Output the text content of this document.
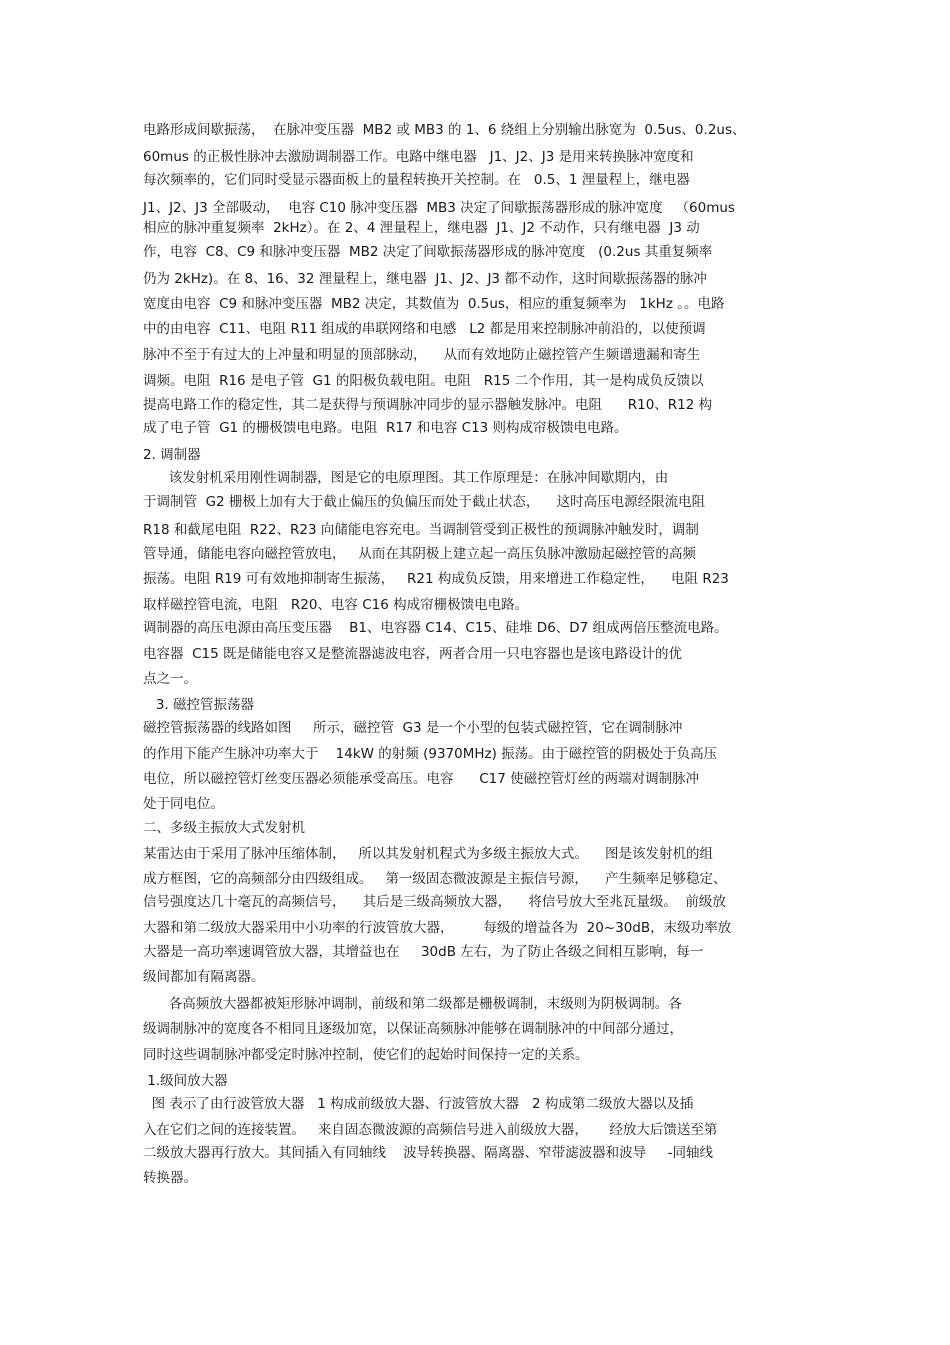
电路形成间歇振荡，  在脉冲变压器  MB2 或 MB3 的 1、6 绕组上分别输出脉宽为  0.5us、0.2us、
60mus 的正极性脉冲去激励调制器工作。电路中继电器   J1、J2、J3 是用来转换脉冲宽度和
每次频率的，它们同时受显示器面板上的量程转换开关控制。在   0.5、1 浬量程上，继电器
J1、J2、J3 全部吸动，  电容 C10 脉冲变压器  MB3 决定了间歇振荡器形成的脉冲宽度   （60mus
相应的脉冲重复频率  2kHz）。在 2、4 浬量程上，继电器  J1、J2 不动作，只有继电器  J3 动
作，电容  C8、C9 和脉冲变压器  MB2 决定了间歇振荡器形成的脉冲宽度   (0.2us 其重复频率
仍为 2kHz)。在 8、16、32 浬量程上，继电器  J1、J2、J3 都不动作，这时间歇振荡器的脉冲
宽度由电容  C9 和脉冲变压器  MB2 决定，其数值为  0.5us，相应的重复频率为   1kHz 。。电路
中的由电容  C11、电阻 R11 组成的串联网络和电感   L2 都是用来控制脉冲前沿的，以使预调
脉冲不至于有过大的上冲量和明显的顶部脉动，    从而有效地防止磁控管产生频谱遗漏和寄生
调频。电阻  R16 是电子管  G1 的阳极负载电阻。电阻   R15 二个作用，其一是构成负反馈以
提高电路工作的稳定性，其二是获得与预调脉冲同步的显示器触发脉冲。电阻      R10、R12 构
成了电子管  G1 的栅极馈电电路。电阻  R17 和电容 C13 则构成帘极馈电电路。
2. 调制器
该发射机采用刚性调制器，图是它的电原理图。其工作原理是：在脉冲间歇期内，由
于调制管  G2 栅极上加有大于截止偏压的负偏压而处于截止状态，    这时高压电源经限流电阻
R18 和截尾电阻  R22、R23 向储能电容充电。当调制管受到正极性的预调脉冲触发时，调制
管导通，储能电容向磁控管放电，   从而在其阴极上建立起一高压负脉冲激励起磁控管的高频
振荡。电阻 R19 可有效地抑制寄生振荡，   R21 构成负反馈，用来增进工作稳定性，    电阻 R23
取样磁控管电流，电阻   R20、电容 C16 构成帘栅极馈电电路。
调制器的高压电源由高压变压器    B1、电容器 C14、C15、硅堆 D6、D7 组成两倍压整流电路。
电容器  C15 既是储能电容又是整流器滤波电容，两者合用一只电容器也是该电路设计的优
点之一。
3. 磁控管振荡器
磁控管振荡器的线路如图     所示，磁控管  G3 是一个小型的包装式磁控管，它在调制脉冲
的作用下能产生脉冲功率大于    14kW 的射频 (9370MHz) 振荡。由于磁控管的阴极处于负高压
电位，所以磁控管灯丝变压器必须能承受高压。电容      C17 使磁控管灯丝的两端对调制脉冲
处于同电位。
二、多级主振放大式发射机
某雷达由于采用了脉冲压缩体制，   所以其发射机程式为多级主振放大式。    图是该发射机的组
成方框图，它的高频部分由四级组成。   第一级固态微波源是主振信号源，    产生频率足够稳定、
信号强度达几十毫瓦的高频信号，    其后是三级高频放大器，    将信号放大至兆瓦量级。  前级放
大器和第二级放大器采用中小功率的行波管放大器，       每级的增益各为  20~30dB，末级功率放
大器是一高功率速调管放大器，其增益也在     30dB 左右，为了防止各级之间相互影响，每一
级间都加有隔离器。
各高频放大器都被矩形脉冲调制，前级和第二级都是栅极调制，末级则为阴极调制。各
级调制脉冲的宽度各不相同且逐级加宽，以保证高频脉冲能够在调制脉冲的中间部分通过，
同时这些调制脉冲都受定时脉冲控制，使它们的起始时间保持一定的关系。
1.级间放大器
图 表示了由行波管放大器   1 构成前级放大器、行波管放大器   2 构成第二级放大器以及插
入在它们之间的连接装置。   来自固态微波源的高频信号进入前级放大器，     经放大后馈送至第
二级放大器再行放大。其间插入有同轴线    波导转换器、隔离器、窄带滤波器和波导     -同轴线
转换器。
